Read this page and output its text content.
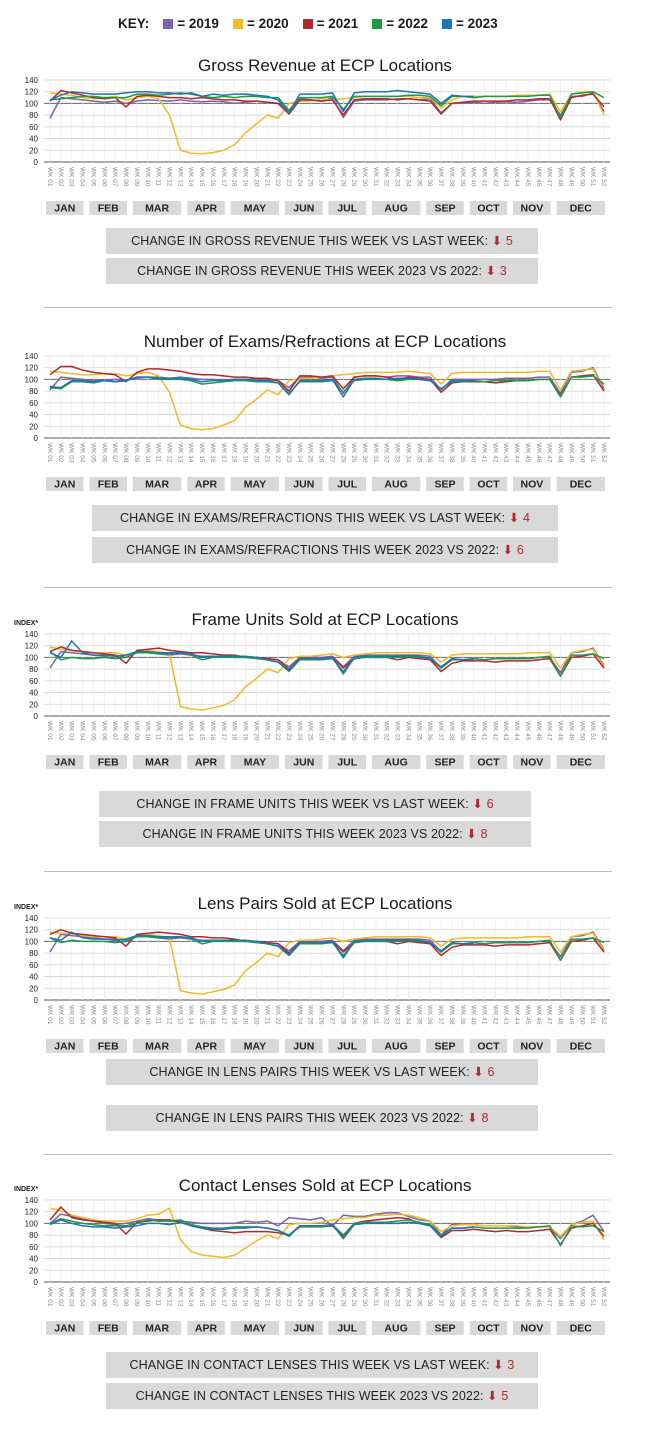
KEY: = 2019 = 2020 = 2021 = 2022 = 2023
Gross Revenue at ECP Locations
140
120
100
80
60
40
20
0
WK 01 WK 02 WK 03 WK 04 WK 05 WK 06 WK 07 WK 08 WK 09 WK 10 WK 11 WK 12 WK 13 WK 14 WK 15 WK 16 WK 17 WK 18 WK 19 WK 20 WK 21 WK 22 WK 23 WK 24 WK 25 WK 26 WK 27 WK 28 WK 29 WK 30 WK 31 WK 32 WK 33 WK 34 WK 35 WK 36 WK 37 WK 38 WK 39 WK 40 WK 41 WK 42 WK 43 WK 44 WK 45 WK 46 WK 47 WK 48 WK 49 WK 50 WK 51 WK 52
JAN FEB	MAR APR	MAY	JUN JUL	AUG	SEP OCT NOV	DEC
Number of Exams/Refractions at ECP Locations
140
120
100
80
60
40
20
0
WK 01 WK 02 WK 03 WK 04 WK 05 WK 06 WK 07 WK 08 WK 09 WK 10 WK 11 WK 12 WK 13 WK 14 WK 15 WK 16 WK 17 WK 18 WK 19 WK 20 WK 21 WK 22 WK 23 WK 24 WK 25 WK 26 WK 27 WK 28 WK 29 WK 30 WK 31 WK 32 WK 33 WK 34 WK 35 WK 36 WK 37 WK 38 WK 39 WK 40 WK 41 WK 42 WK 43 WK 44 WK 45 WK 46 WK 47 WK 48 WK 49 WK 50 WK 51 WK 52
JAN FEB	MAR APR	MAY	JUN JUL	AUG	SEP OCT NOV	DEC
Frame Units Sold at ECP Locations
INDEX*
140
120
100
80
60
40
20
0
WK 01 WK 02 WK 03 WK 04 WK 05 WK 06 WK 07 WK 08 WK 09 WK 10 WK 11 WK 12 WK 13 WK 14 WK 15 WK 16 WK 17 WK 18 WK 19 WK 20 WK 21 WK 22 WK 23 WK 24 WK 25 WK 26 WK 27 WK 28 WK 29 WK 30 WK 31 WK 32 WK 33 WK 34 WK 35 WK 36 WK 37 WK 38 WK 39 WK 40 WK 41 WK 42 WK 43 WK 44 WK 45 WK 46 WK 47 WK 48 WK 49 WK 50 WK 51 WK 52
JAN FEB	MAR APR	MAY	JUN JUL	AUG	SEP OCT NOV	DEC
Lens Pairs Sold at ECP Locations
INDEX*
140
120
100
80
60
40
20
0
WK 01 WK 02 WK 03 WK 04 WK 05 WK 06 WK 07 WK 08 WK 09 WK 10 WK 11 WK 12 WK 13 WK 14 WK 15 WK 16 WK 17 WK 18 WK 19 WK 20 WK 21 WK 22 WK 23 WK 24 WK 25 WK 26 WK 27 WK 28 WK 29 WK 30 WK 31 WK 32 WK 33 WK 34 WK 35 WK 36 WK 37 WK 38 WK 39 WK 40 WK 41 WK 42 WK 43 WK 44 WK 45 WK 46 WK 47 WK 48 WK 49 WK 50 WK 51 WK 52
JAN FEB	MAR APR	MAY	JUN JUL	AUG	SEP OCT NOV	DEC
Contact Lenses Sold at ECP Locations
INDEX*
140
120
100
80
60
40
20
0
WK 01 WK 02 WK 03 WK 04 WK 05 WK 06 WK 07 WK 08 WK 09 WK 10 WK 11 WK 12 WK 13 WK 14 WK 15 WK 16 WK 17 WK 18 WK 19 WK 20 WK 21 WK 22 WK 23 WK 24 WK 25 WK 26 WK 27 WK 28 WK 29 WK 30 WK 31 WK 32 WK 33 WK 34 WK 35 WK 36 WK 37 WK 38 WK 39 WK 40 WK 41 WK 42 WK 43 WK 44 WK 45 WK 46 WK 47 WK 48 WK 49 WK 50 WK 51 WK 52
JAN FEB	MAR APR	MAY	JUN JUL	AUG	SEP OCT NOV	DEC
CHANGE IN GROSS REVENUE THIS WEEK VS LAST WEEK: ⬇ 5
CHANGE IN GROSS REVENUE THIS WEEK 2023 VS 2022: ⬇ 3
CHANGE IN EXAMS/REFRACTIONS THIS WEEK VS LAST WEEK: ⬇ 4
CHANGE IN EXAMS/REFRACTIONS THIS WEEK 2023 VS 2022: ⬇ 6
CHANGE IN FRAME UNITS THIS WEEK VS LAST WEEK: ⬇ 6
CHANGE IN FRAME UNITS THIS WEEK 2023 VS 2022: ⬇ 8
CHANGE IN LENS PAIRS THIS WEEK VS LAST WEEK: ⬇ 6
CHANGE IN LENS PAIRS THIS WEEK 2023 VS 2022: ⬇ 8
CHANGE IN CONTACT LENSES THIS WEEK VS LAST WEEK: ⬇ 3
CHANGE IN CONTACT LENSES THIS WEEK 2023 VS 2022: ⬇ 5
